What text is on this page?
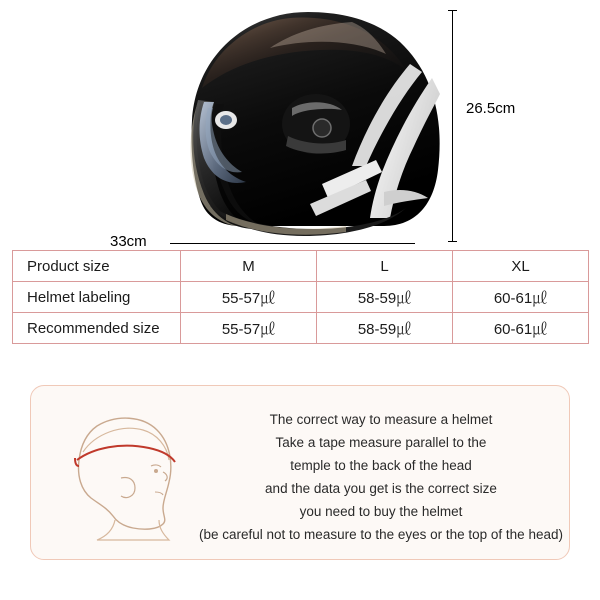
26.5cm
33cm
Product size	M	L	XL
Helmet labeling	55-57㎕	58-59㎕	60-61㎕
Recommended size	55-57㎕	58-59㎕	60-61㎕
The correct way to measure a helmet
Take a tape measure parallel to the
temple to the back of the head
and the data you get is the correct size
you need to buy the helmet
(be careful not to measure to the eyes or the top of the head)
